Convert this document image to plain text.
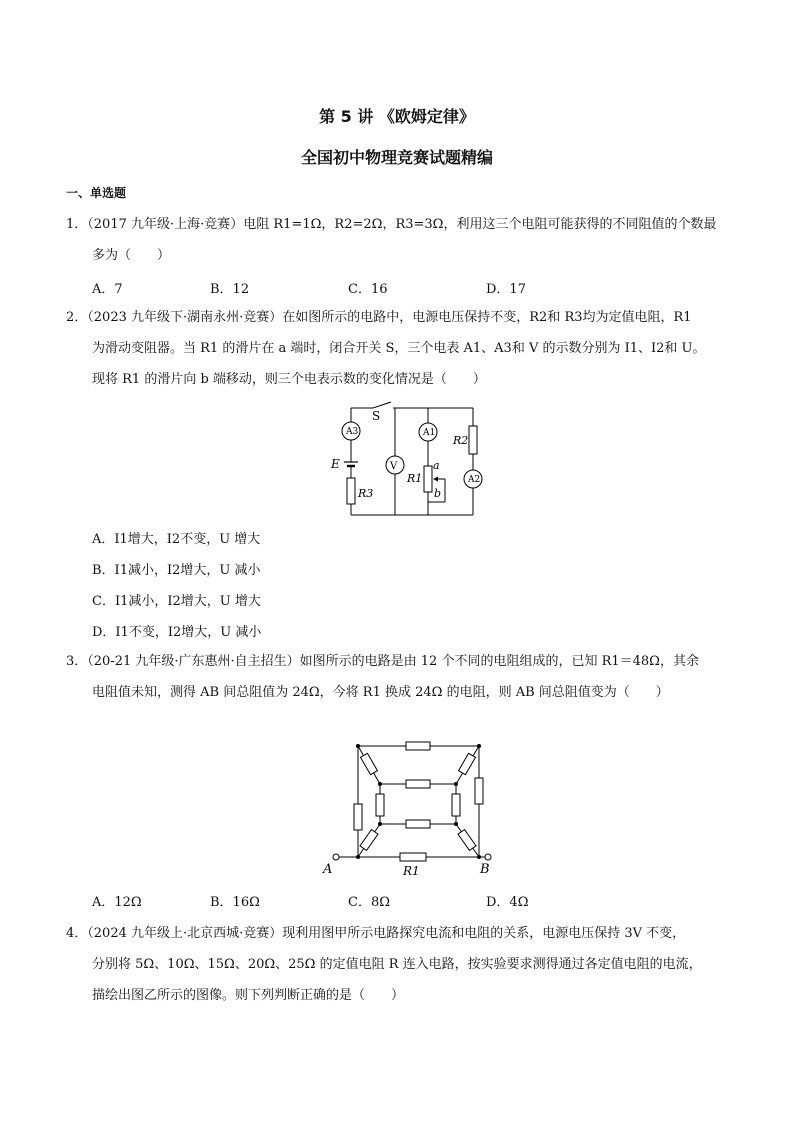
第 5 讲 《欧姆定律》
全国初中物理竞赛试题精编
一、单选题
1．（2017 九年级·上海·竞赛）电阻 R1=1Ω，R2=2Ω，R3=3Ω，利用这三个电阻可能获得的不同阻值的个数最
多为（　　）
A．7	B．12	C．16	D．17
2．（2023 九年级下·湖南永州·竞赛）在如图所示的电路中，电源电压保持不变，R2和 R3均为定值电阻，R1
为滑动变阻器。当 R1 的滑片在 a 端时，闭合开关 S，三个电表 A1、A3和 V 的示数分别为 I1、I2和 U。
现将 R1 的滑片向 b 端移动，则三个电表示数的变化情况是（　　）
S
A3
V
A1
A2
E
R3
R1
R2
a
b
A．I1增大，I2不变，U 增大
B．I1减小，I2增大，U 减小
C．I1减小，I2增大，U 增大
D．I1不变，I2增大，U 减小
3．（20-21 九年级·广东惠州·自主招生）如图所示的电路是由 12 个不同的电阻组成的，已知 R1＝48Ω，其余
电阻值未知，测得 AB 间总阻值为 24Ω，今将 R1 换成 24Ω 的电阻，则 AB 间总阻值变为（　　）
A	B
R1
A．12Ω	B．16Ω	C．8Ω	D．4Ω
4．（2024 九年级上·北京西城·竞赛）现利用图甲所示电路探究电流和电阻的关系，电源电压保持 3V 不变，
分别将 5Ω、10Ω、15Ω、20Ω、25Ω 的定值电阻 R 连入电路，按实验要求测得通过各定值电阻的电流，
描绘出图乙所示的图像。则下列判断正确的是（　　）
